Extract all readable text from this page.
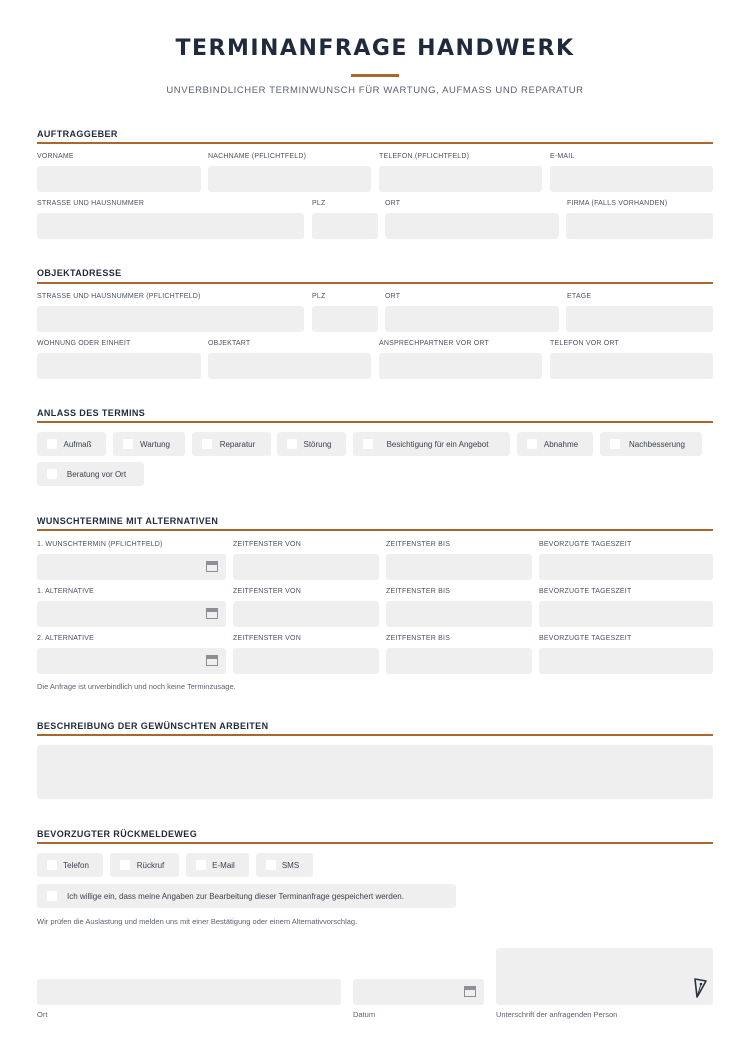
TERMINANFRAGE HANDWERK
UNVERBINDLICHER TERMINWUNSCH FÜR WARTUNG, AUFMASS UND REPARATUR
AUFTRAGGEBER
VORNAME	NACHNAME (PFLICHTFELD)	TELEFON (PFLICHTFELD)	E-MAIL
STRASSE UND HAUSNUMMER	PLZ	ORT	FIRMA (FALLS VORHANDEN)
OBJEKTADRESSE
STRASSE UND HAUSNUMMER (PFLICHTFELD)	PLZ	ORT	ETAGE
WOHNUNG ODER EINHEIT	OBJEKTART	ANSPRECHPARTNER VOR ORT	TELEFON VOR ORT
ANLASS DES TERMINS
Aufmaß	Wartung	Reparatur	Störung	Besichtigung für ein Angebot	Abnahme	Nachbesserung
Beratung vor Ort
WUNSCHTERMINE MIT ALTERNATIVEN
1. WUNSCHTERMIN (PFLICHTFELD)	ZEITFENSTER VON	ZEITFENSTER BIS	BEVORZUGTE TAGESZEIT
1. ALTERNATIVE	ZEITFENSTER VON	ZEITFENSTER BIS	BEVORZUGTE TAGESZEIT
2. ALTERNATIVE	ZEITFENSTER VON	ZEITFENSTER BIS	BEVORZUGTE TAGESZEIT
Die Anfrage ist unverbindlich und noch keine Terminzusage.
BESCHREIBUNG DER GEWÜNSCHTEN ARBEITEN
BEVORZUGTER RÜCKMELDEWEG
Telefon	Rückruf	E-Mail	SMS
Ich willige ein, dass meine Angaben zur Bearbeitung dieser Terminanfrage gespeichert werden.
Wir prüfen die Auslastung und melden uns mit einer Bestätigung oder einem Alternativvorschlag.
Ort	Datum	Unterschrift der anfragenden Person
